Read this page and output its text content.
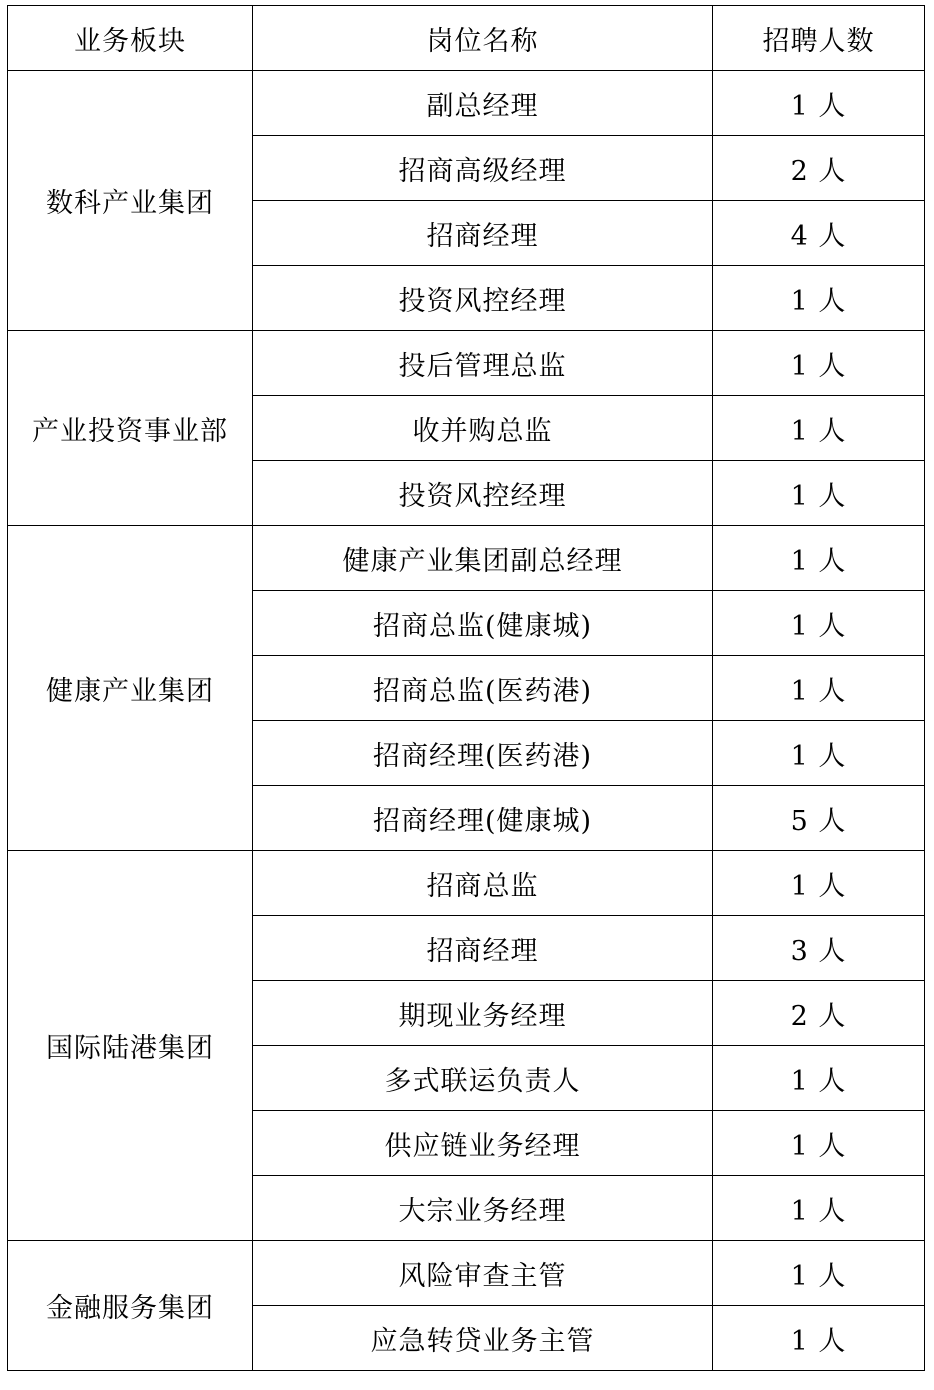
业务板块	岗位名称	招聘人数
数科产业集团	副总经理	1 人
	招商高级经理	2 人
	招商经理	4 人
	投资风控经理	1 人
产业投资事业部	投后管理总监	1 人
	收并购总监	1 人
	投资风控经理	1 人
健康产业集团	健康产业集团副总经理	1 人
	招商总监(健康城)	1 人
	招商总监(医药港)	1 人
	招商经理(医药港)	1 人
	招商经理(健康城)	5 人
国际陆港集团	招商总监	1 人
	招商经理	3 人
	期现业务经理	2 人
	多式联运负责人	1 人
	供应链业务经理	1 人
	大宗业务经理	1 人
金融服务集团	风险审查主管	1 人
	应急转贷业务主管	1 人
